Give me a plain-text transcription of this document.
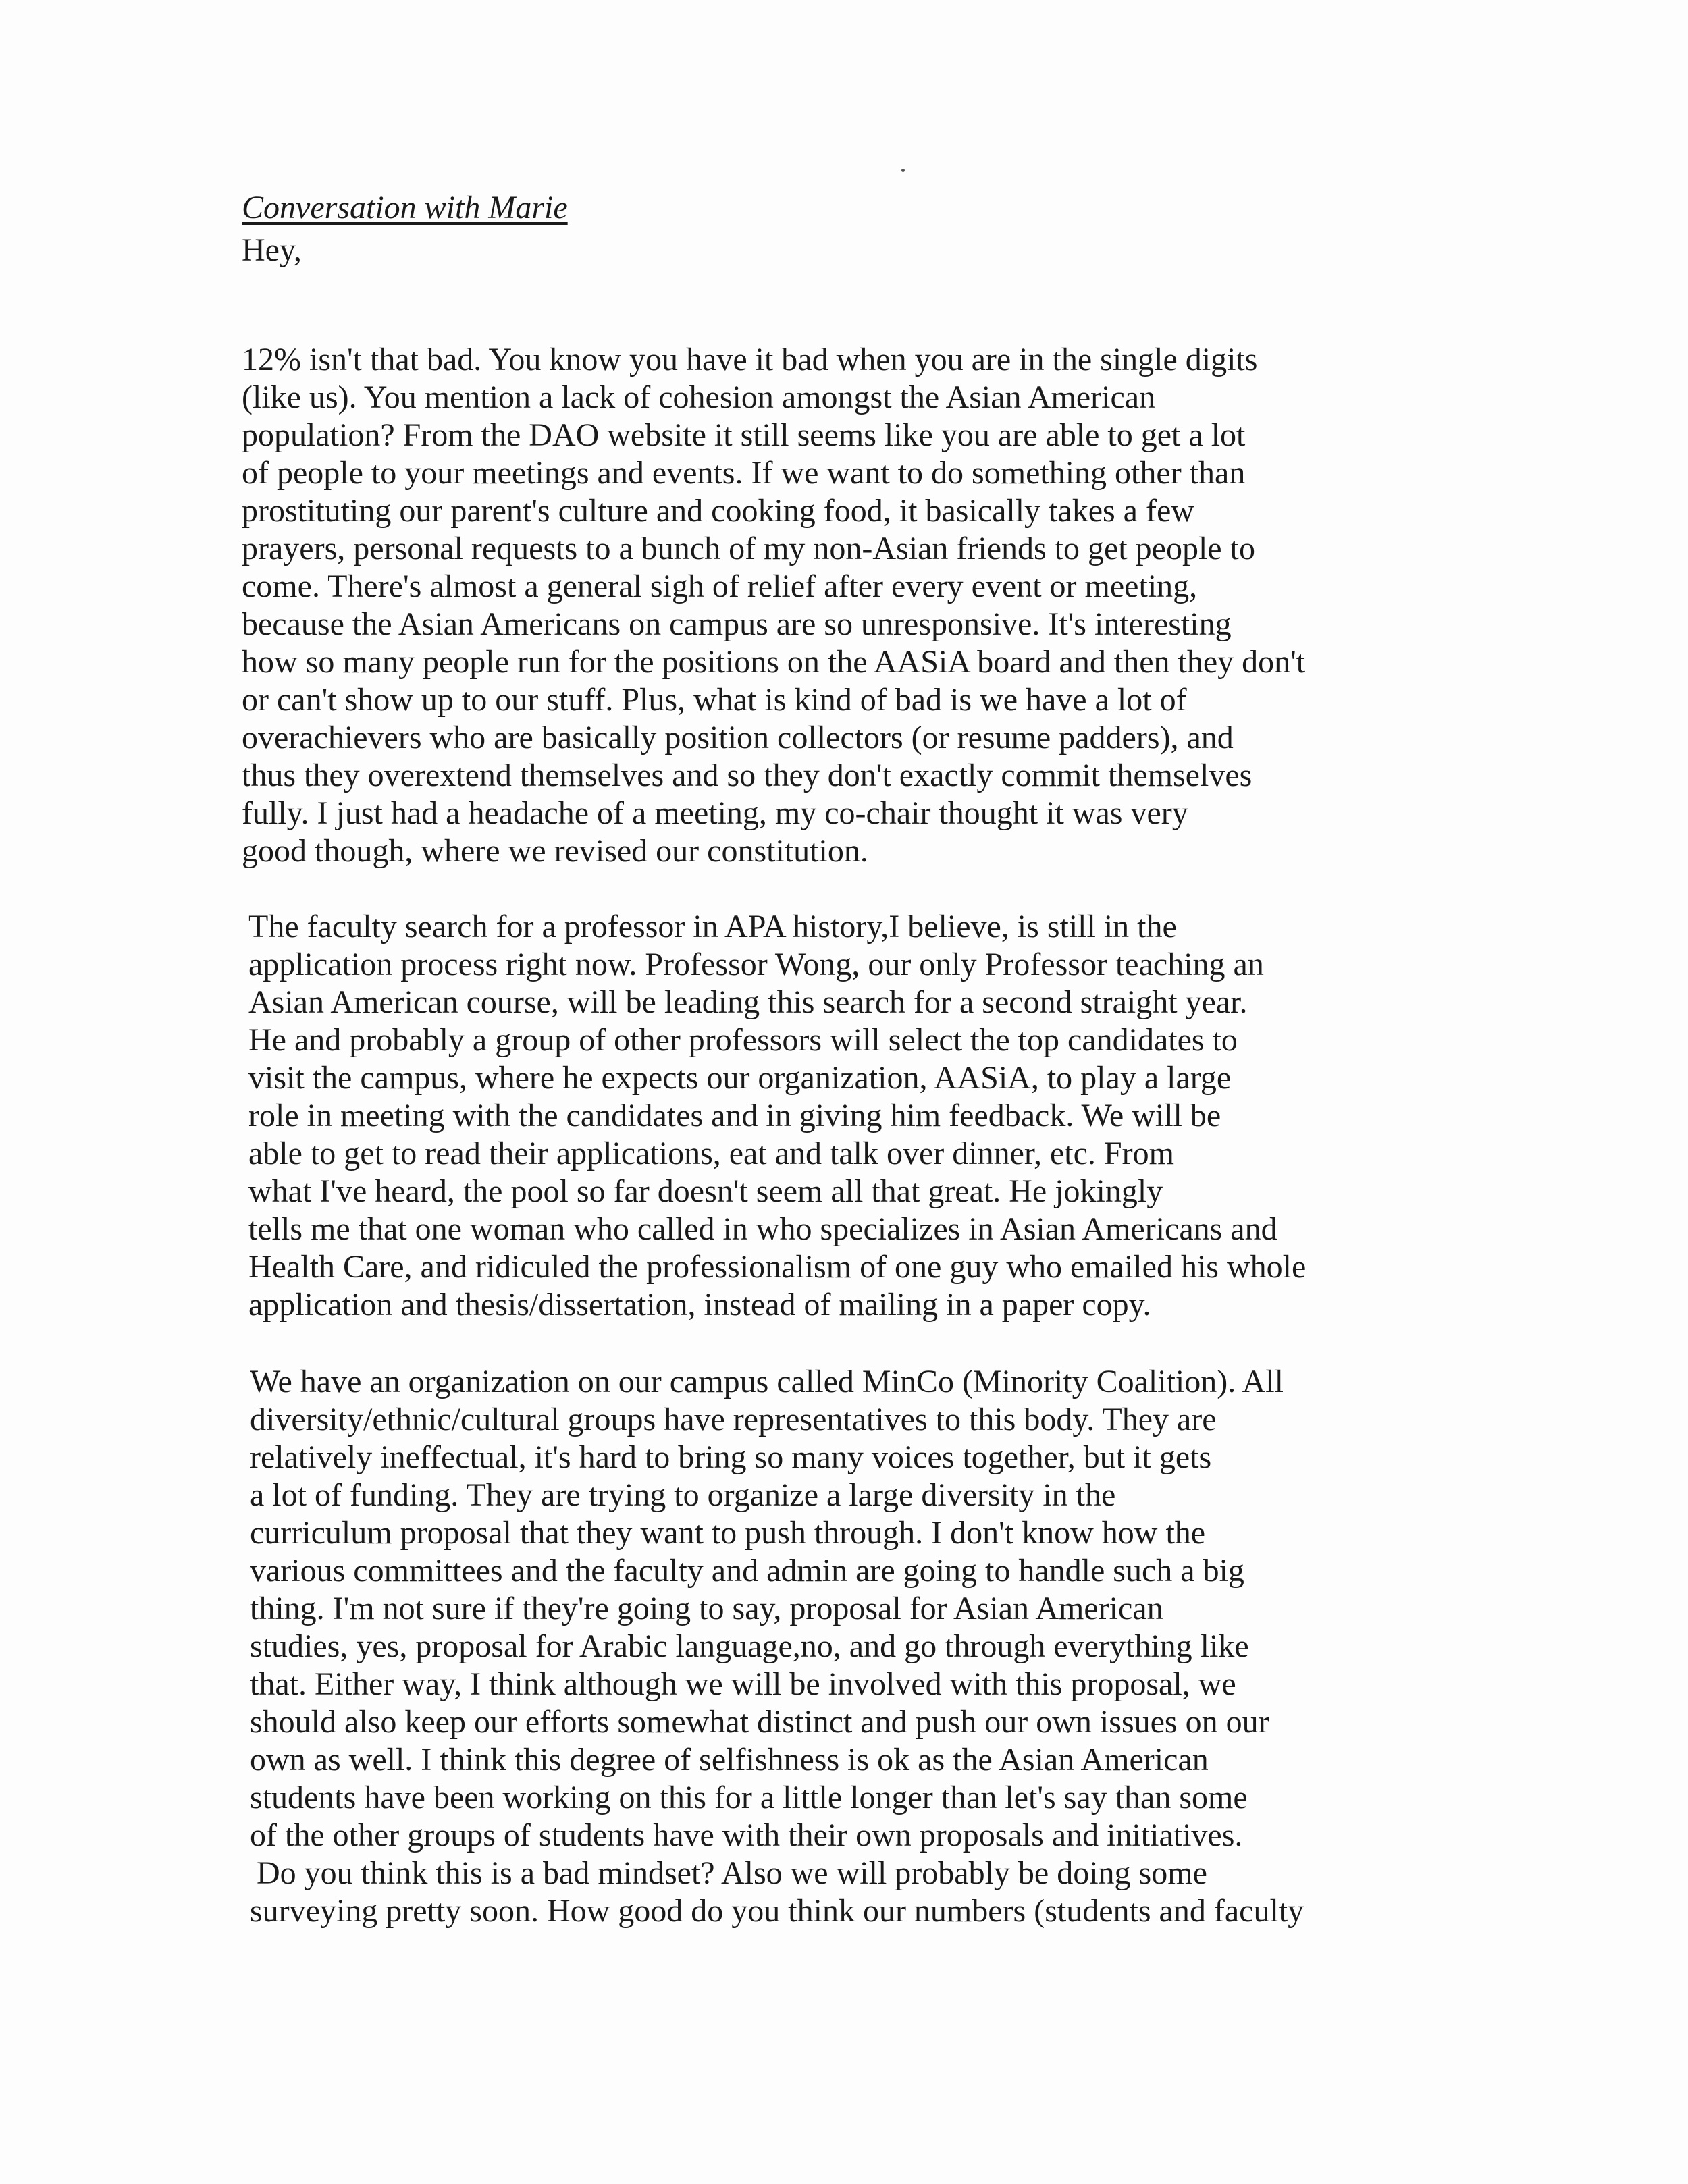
Conversation with Marie
Hey,
12% isn't that bad. You know you have it bad when you are in the single digits
(like us). You mention a lack of cohesion amongst the Asian American
population? From the DAO website it still seems like you are able to get a lot
of people to your meetings and events. If we want to do something other than
prostituting our parent's culture and cooking food, it basically takes a few
prayers, personal requests to a bunch of my non-Asian friends to get people to
come. There's almost a general sigh of relief after every event or meeting,
because the Asian Americans on campus are so unresponsive. It's interesting
how so many people run for the positions on the AASiA board and then they don't
or can't show up to our stuff. Plus, what is kind of bad is we have a lot of
overachievers who are basically position collectors (or resume padders), and
thus they overextend themselves and so they don't exactly commit themselves
fully. I just had a headache of a meeting, my co-chair thought it was very
good though, where we revised our constitution.
The faculty search for a professor in APA history,I believe, is still in the
application process right now. Professor Wong, our only Professor teaching an
Asian American course, will be leading this search for a second straight year.
He and probably a group of other professors will select the top candidates to
visit the campus, where he expects our organization, AASiA, to play a large
role in meeting with the candidates and in giving him feedback. We will be
able to get to read their applications, eat and talk over dinner, etc. From
what I've heard, the pool so far doesn't seem all that great. He jokingly
tells me that one woman who called in who specializes in Asian Americans and
Health Care, and ridiculed the professionalism of one guy who emailed his whole
application and thesis/dissertation, instead of mailing in a paper copy.
We have an organization on our campus called MinCo (Minority Coalition). All
diversity/ethnic/cultural groups have representatives to this body. They are
relatively ineffectual, it's hard to bring so many voices together, but it gets
a lot of funding. They are trying to organize a large diversity in the
curriculum proposal that they want to push through. I don't know how the
various committees and the faculty and admin are going to handle such a big
thing. I'm not sure if they're going to say, proposal for Asian American
studies, yes, proposal for Arabic language,no, and go through everything like
that. Either way, I think although we will be involved with this proposal, we
should also keep our efforts somewhat distinct and push our own issues on our
own as well. I think this degree of selfishness is ok as the Asian American
students have been working on this for a little longer than let's say than some
of the other groups of students have with their own proposals and initiatives.
Do you think this is a bad mindset? Also we will probably be doing some
surveying pretty soon. How good do you think our numbers (students and faculty
